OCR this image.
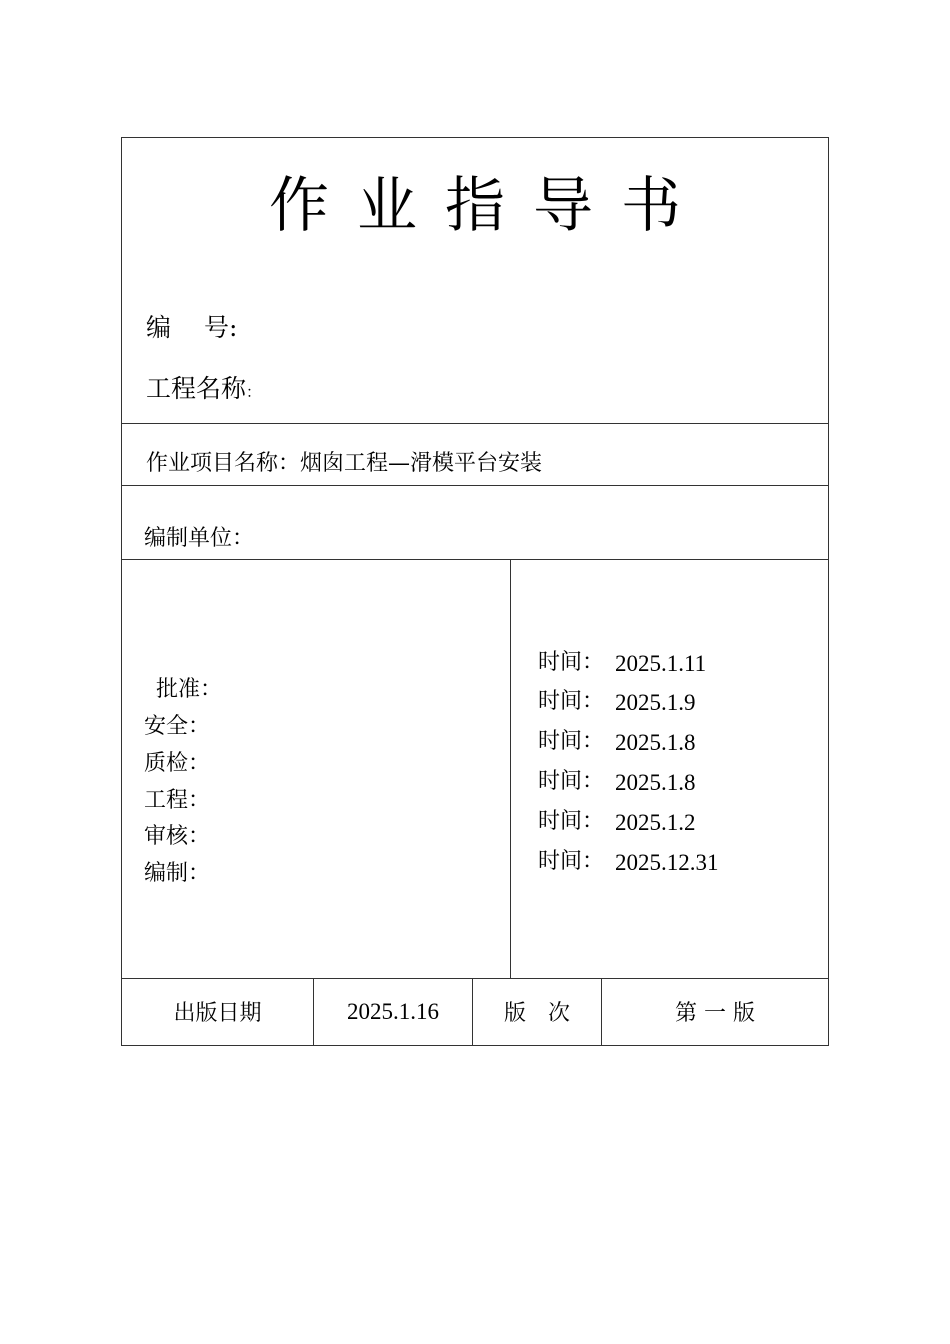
作业指导书
编　 号:
工程名称：
作业项目名称：烟囱工程—滑模平台安装
编制单位：
批准：
安全：
质检：
工程：
审核：
编制：
时间： 2025.1.11
时间： 2025.1.9
时间： 2025.1.8
时间： 2025.1.8
时间： 2025.1.2
时间： 2025.12.31
出版日期	2025.1.16	版　次	第 一 版
